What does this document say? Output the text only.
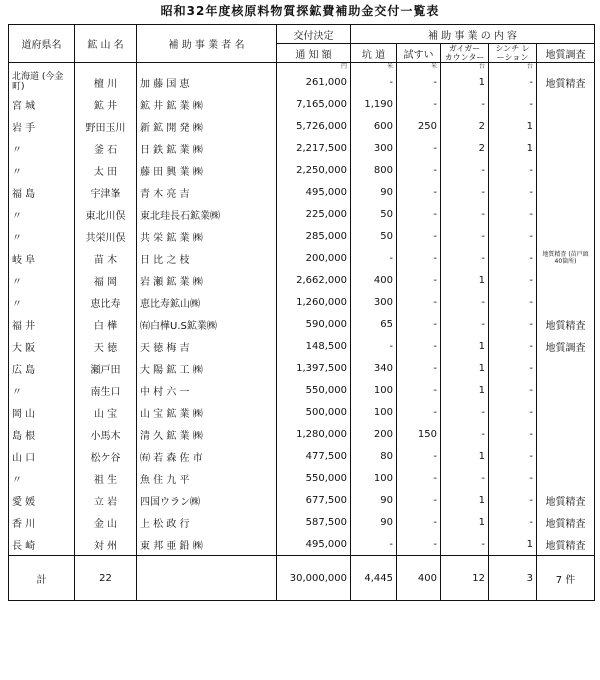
昭和32年度核原料物質探鉱費補助金交付一覧表
道府県名	鉱 山 名	補 助 事 業 者 名	交付決定	補 助 事 業 の 内 容				
			通 知 額	坑 道	試すい	ガイガー カウンター	シンチ レーション	地質調査
			円	米	米	台	台	
北海道 (今金町)	檀 川	加 藤 国 恵	261,000	-	-	1	-	地質精査
宮 城	鉱 井	鉱 井 鉱 業 ㈱	7,165,000	1,190	-	-	-	
岩 手	野田玉川	新 鉱 開 発 ㈱	5,726,000	600	250	2	1	
〃	釜 石	日 鉄 鉱 業 ㈱	2,217,500	300	-	2	1	
〃	太 田	藤 田 興 業 ㈱	2,250,000	800	-	-	-	
福 島	宇津峯	青 木 亮 吉	495,000	90	-	-	-	
〃	東北川俣	東北珪長石鉱業㈱	225,000	50	-	-	-	
〃	共栄川俣	共 栄 鉱 業 ㈱	285,000	50	-	-	-	
岐 阜	苗 木	日 比 之 枝	200,000	-	-	-	-	地質精査 (苗戸頭 40箇所)
〃	福 岡	岩 瀬 鉱 業 ㈱	2,662,000	400	-	1	-	
〃	恵比寿	恵比寿鉱山㈱	1,260,000	300	-	-	-	
福 井	白 樺	㈲白樺U.S鉱業㈱	590,000	65	-	-	-	地質精査
大 阪	天 徳	天 徳 梅 吉	148,500	-	-	1	-	地質調査
広 島	瀬戸田	大 陽 鉱 工 ㈱	1,397,500	340	-	1	-	
〃	南生口	中 村 六 一	550,000	100	-	1	-	
岡 山	山 宝	山 宝 鉱 業 ㈱	500,000	100	-	-	-	
島 根	小馬木	清 久 鉱 業 ㈱	1,280,000	200	150	-	-	
山 口	松ケ谷	㈲ 若 森 佐 市	477,500	80	-	1	-	
〃	祖 生	魚 住 九 平	550,000	100	-	-	-	
愛 媛	立 岩	四国ウラン㈱	677,500	90	-	1	-	地質精査
香 川	金 山	上 松 政 行	587,500	90	-	1	-	地質精査
長 崎	対 州	東 邦 亜 鉛 ㈱	495,000	-	-	-	1	地質精査
計	22		30,000,000	4,445	400	12	3	7 件
